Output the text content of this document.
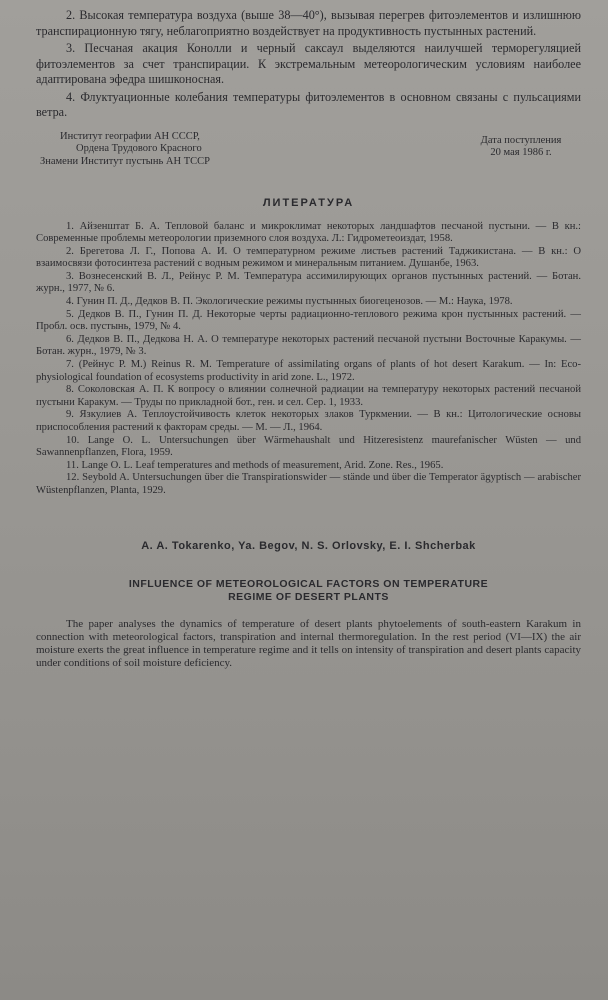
2. Высокая температура воздуха (выше 38—40°), вызывая перегрев фитоэлементов и излишнюю транспирационную тягу, неблагоприятно воздействует на продуктивность пустынных растений.

3. Песчаная акация Конолли и черный саксаул выделяются наилучшей терморегуляцией фитоэлементов за счет транспирации. К экстремальным метеорологическим условиям наиболее адаптирована эфедра шишконосная.

4. Флуктуационные колебания температуры фитоэлементов в основном связаны с пульсациями ветра.

Институт географии АН СССР,
Ордена Трудового Красного
Знамени Институт пустынь АН ТССР
Дата поступления
20 мая 1986 г.
ЛИТЕРАТУРА

1. Айзенштат Б. А. Тепловой баланс и микроклимат некоторых ландшафтов песчаной пустыни. — В кн.: Современные проблемы метеорологии приземного слоя воздуха. Л.: Гидрометеоиздат, 1958.

2. Брегетова Л. Г., Попова А. И. О температурном режиме листьев растений Таджикистана. — В кн.: О взаимосвязи фотосинтеза растений с водным режимом и минеральным питанием. Душанбе, 1963.

3. Вознесенский В. Л., Рейнус Р. М. Температура ассимилирующих органов пустынных растений. — Ботан. журн., 1977, № 6.

4. Гунин П. Д., Дедков В. П. Экологические режимы пустынных биогеценозов. — М.: Наука, 1978.

5. Дедков В. П., Гунин П. Д. Некоторые черты радиационно-теплового режима крон пустынных растений. — Пробл. осв. пустынь, 1979, № 4.

6. Дедков В. П., Дедкова Н. А. О температуре некоторых растений песчаной пустыни Восточные Каракумы. — Ботан. журн., 1979, № 3.

7. (Рейнус Р. М.) Reinus R. M. Temperature of assimilating organs of plants of hot desert Karakum. — In: Eco-physiological foundation of ecosystems productivity in arid zone. L., 1972.

8. Соколовская А. П. К вопросу о влиянии солнечной радиации на температуру некоторых растений песчаной пустыни Каракум. — Труды по прикладной бот., ген. и сел. Сер. 1, 1933.

9. Язкулиев А. Теплоустойчивость клеток некоторых злаков Туркмении. — В кн.: Цитологические основы приспособления растений к факторам среды. — М. — Л., 1964.

10. Lange O. L. Untersuchungen über Wärmehaushalt und Hitzeresistenz maurefanischer Wüsten — und Sawannenpflanzen, Flora, 1959.

11. Lange O. L. Leaf temperatures and methods of measurement, Arid. Zone. Res., 1965.

12. Seybold A. Untersuchungen über die Transpirationswider — stände und über die Temperator ägyptisch — arabischer Wüstenpflanzen, Planta, 1929.

A. A. Tokarenko, Ya. Begov, N. S. Orlovsky, E. I. Shcherbak
INFLUENCE OF METEOROLOGICAL FACTORS ON TEMPERATURE
REGIME OF DESERT PLANTS

The paper analyses the dynamics of temperature of desert plants phytoelements of south-eastern Karakum in connection with meteorological factors, transpiration and internal thermoregulation. In the rest period (VI—IX) the air moisture exerts the great influence in temperature regime and it tells on intensity of transpiration and desert plants capacity under conditions of soil moisture deficiency.
